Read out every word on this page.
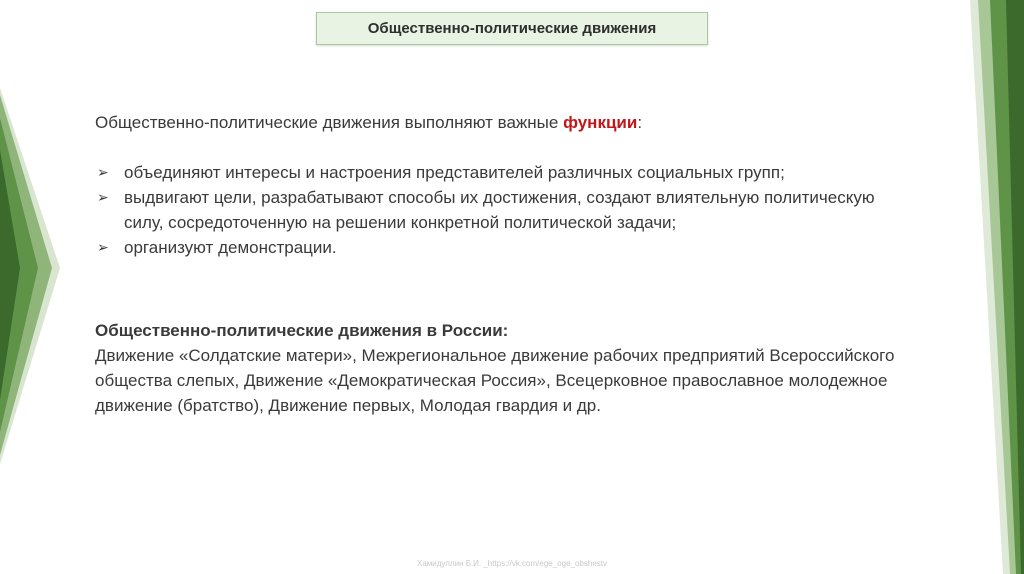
Общественно-политические движения

Общественно-политические движения выполняют важные функции:

➢ объединяют интересы и настроения представителей различных социальных групп;
➢ выдвигают цели, разрабатывают способы их достижения, создают влиятельную политическую силу, сосредоточенную на решении конкретной политической задачи;
➢ организуют демонстрации.
Общественно-политические движения в России:
Движение «Солдатские матери», Межрегиональное движение рабочих предприятий Всероссийского общества слепых, Движение «Демократическая Россия», Всецерковное православное молодежное движение (братство), Движение первых, Молодая гвардия и др.
Хамидуллин Б.И. _https://vk.com/ege_oge_obshestv
